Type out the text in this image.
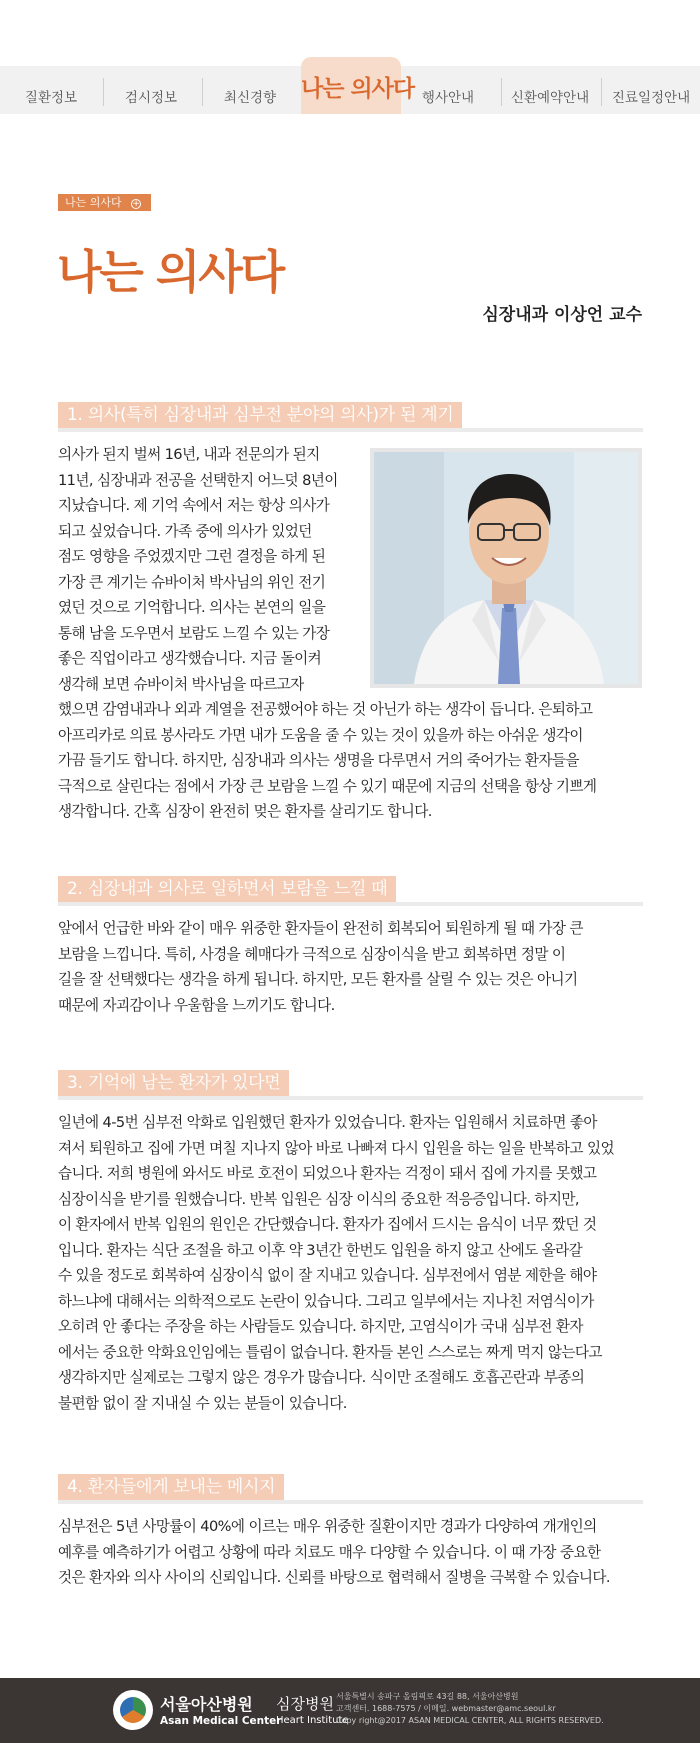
질환정보	검시정보	최신경향	행사안내	신환예약안내	진료일정안내
나는 의사다
나는 의사다 +
나는 의사다
심장내과 이상언 교수
1. 의사(특히 심장내과 심부전 분야의 의사)가 된 계기
의사가 된지 벌써 16년, 내과 전문의가 된지
11년, 심장내과 전공을 선택한지 어느덧 8년이
지났습니다. 제 기억 속에서 저는 항상 의사가
되고 싶었습니다. 가족 중에 의사가 있었던
점도 영향을 주었겠지만 그런 결정을 하게 된
가장 큰 계기는 슈바이처 박사님의 위인 전기
였던 것으로 기억합니다. 의사는 본연의 일을
통해 남을 도우면서 보람도 느낄 수 있는 가장
좋은 직업이라고 생각했습니다. 지금 돌이켜
생각해 보면 슈바이처 박사님을 따르고자
했으면 감염내과나 외과 계열을 전공했어야 하는 것 아닌가 하는 생각이 듭니다. 은퇴하고
아프리카로 의료 봉사라도 가면 내가 도움을 줄 수 있는 것이 있을까 하는 아쉬운 생각이
가끔 들기도 합니다. 하지만, 심장내과 의사는 생명을 다루면서 거의 죽어가는 환자들을
극적으로 살린다는 점에서 가장 큰 보람을 느낄 수 있기 때문에 지금의 선택을 항상 기쁘게
생각합니다. 간혹 심장이 완전히 멎은 환자를 살리기도 합니다.
2. 심장내과 의사로 일하면서 보람을 느낄 때
앞에서 언급한 바와 같이 매우 위중한 환자들이 완전히 회복되어 퇴원하게 될 때 가장 큰
보람을 느낍니다. 특히, 사경을 헤매다가 극적으로 심장이식을 받고 회복하면 정말 이
길을 잘 선택했다는 생각을 하게 됩니다. 하지만, 모든 환자를 살릴 수 있는 것은 아니기
때문에 자괴감이나 우울함을 느끼기도 합니다.
3. 기억에 남는 환자가 있다면
일년에 4-5번 심부전 악화로 입원했던 환자가 있었습니다. 환자는 입원해서 치료하면 좋아
져서 퇴원하고 집에 가면 며칠 지나지 않아 바로 나빠져 다시 입원을 하는 일을 반복하고 있었
습니다. 저희 병원에 와서도 바로 호전이 되었으나 환자는 걱정이 돼서 집에 가지를 못했고
심장이식을 받기를 원했습니다. 반복 입원은 심장 이식의 중요한 적응증입니다. 하지만,
이 환자에서 반복 입원의 원인은 간단했습니다. 환자가 집에서 드시는 음식이 너무 짰던 것
입니다. 환자는 식단 조절을 하고 이후 약 3년간 한번도 입원을 하지 않고 산에도 올라갈
수 있을 정도로 회복하여 심장이식 없이 잘 지내고 있습니다. 심부전에서 염분 제한을 해야
하느냐에 대해서는 의학적으로도 논란이 있습니다. 그리고 일부에서는 지나친 저염식이가
오히려 안 좋다는 주장을 하는 사람들도 있습니다. 하지만, 고염식이가 국내 심부전 환자
에서는 중요한 악화요인임에는 틀림이 없습니다. 환자들 본인 스스로는 짜게 먹지 않는다고
생각하지만 실제로는 그렇지 않은 경우가 많습니다. 식이만 조절해도 호흡곤란과 부종의
불편함 없이 잘 지내실 수 있는 분들이 있습니다.
4. 환자들에게 보내는 메시지
심부전은 5년 사망률이 40%에 이르는 매우 위중한 질환이지만 경과가 다양하여 개개인의
예후를 예측하기가 어렵고 상황에 따라 치료도 매우 다양할 수 있습니다. 이 때 가장 중요한
것은 환자와 의사 사이의 신뢰입니다. 신뢰를 바탕으로 협력해서 질병을 극복할 수 있습니다.
서울아산병원
Asan Medical Center
심장병원
Heart Institute
서울특별시 송파구 올림픽로 43길 88, 서울아산병원
고객센터. 1688-7575 / 이메일. webmaster@amc.seoul.kr
Copy right@2017 ASAN MEDICAL CENTER, ALL RIGHTS RESERVED.
